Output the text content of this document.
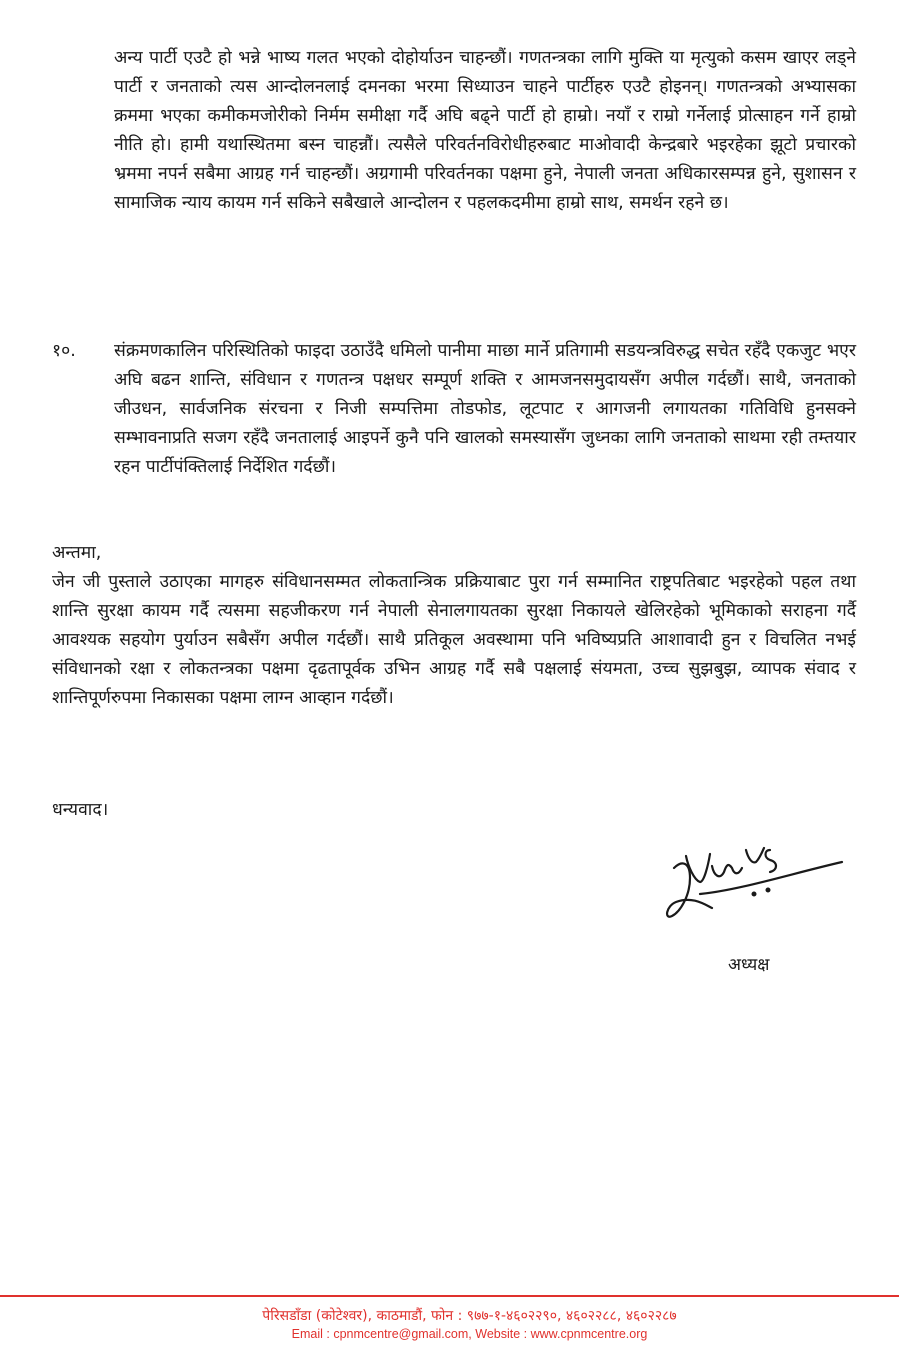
अन्य पार्टी एउटै हो भन्ने भाष्य गलत भएको दोहोर्याउन चाहन्छौं। गणतन्त्रका लागि मुक्ति या मृत्युको कसम खाएर लड्ने पार्टी र जनताको त्यस आन्दोलनलाई दमनका भरमा सिध्याउन चाहने पार्टीहरु एउटै होइनन्। गणतन्त्रको अभ्यासका क्रममा भएका कमीकमजोरीको निर्मम समीक्षा गर्दै अघि बढ्ने पार्टी हो हाम्रो। नयाँ र राम्रो गर्नेलाई प्रोत्साहन गर्ने हाम्रो नीति हो। हामी यथास्थितमा बस्न चाहन्नौं। त्यसैले परिवर्तनविरोधीहरुबाट माओवादी केन्द्रबारे भइरहेका झूटो प्रचारको भ्रममा नपर्न सबैमा आग्रह गर्न चाहन्छौं। अग्रगामी परिवर्तनका पक्षमा हुने, नेपाली जनता अधिकारसम्पन्न हुने, सुशासन र सामाजिक न्याय कायम गर्न सकिने सबैखाले आन्दोलन र पहलकदमीमा हाम्रो साथ, समर्थन रहने छ।

१०. संक्रमणकालिन परिस्थितिको फाइदा उठाउँदै धमिलो पानीमा माछा मार्ने प्रतिगामी सडयन्त्रविरुद्ध सचेत रहँदै एकजुट भएर अघि बढन शान्ति, संविधान र गणतन्त्र पक्षधर सम्पूर्ण शक्ति र आमजनसमुदायसँग अपील गर्दछौं। साथै, जनताको जीउधन, सार्वजनिक संरचना र निजी सम्पत्तिमा तोडफोड, लूटपाट र आगजनी लगायतका गतिविधि हुनसक्ने सम्भावनाप्रति सजग रहँदै जनतालाई आइपर्ने कुनै पनि खालको समस्यासँग जुध्नका लागि जनताको साथमा रही तम्तयार रहन पार्टीपंक्तिलाई निर्देशित गर्दछौं।

अन्तमा,

जेन जी पुस्ताले उठाएका मागहरु संविधानसम्मत लोकतान्त्रिक प्रक्रियाबाट पुरा गर्न सम्मानित राष्ट्रपतिबाट भइरहेको पहल तथा शान्ति सुरक्षा कायम गर्दै त्यसमा सहजीकरण गर्न नेपाली सेनालगायतका सुरक्षा निकायले खेलिरहेको भूमिकाको सराहना गर्दै आवश्यक सहयोग पुर्याउन सबैसँग अपील गर्दछौं। साथै प्रतिकूल अवस्थामा पनि भविष्यप्रति आशावादी हुन र विचलित नभई संविधानको रक्षा र लोकतन्त्रका पक्षमा दृढतापूर्वक उभिन आग्रह गर्दै सबै पक्षलाई संयमता, उच्च सुझबुझ, व्यापक संवाद र शान्तिपूर्णरुपमा निकासका पक्षमा लाग्न आव्हान गर्दछौं।

धन्यवाद।
अध्यक्ष
पेरिसडाँडा (कोटेश्वर), काठमाडौं, फोन : ९७७-१-४६०२२९०, ४६०२२८८, ४६०२२८७
Email : cpnmcentre@gmail.com, Website : www.cpnmcentre.org
